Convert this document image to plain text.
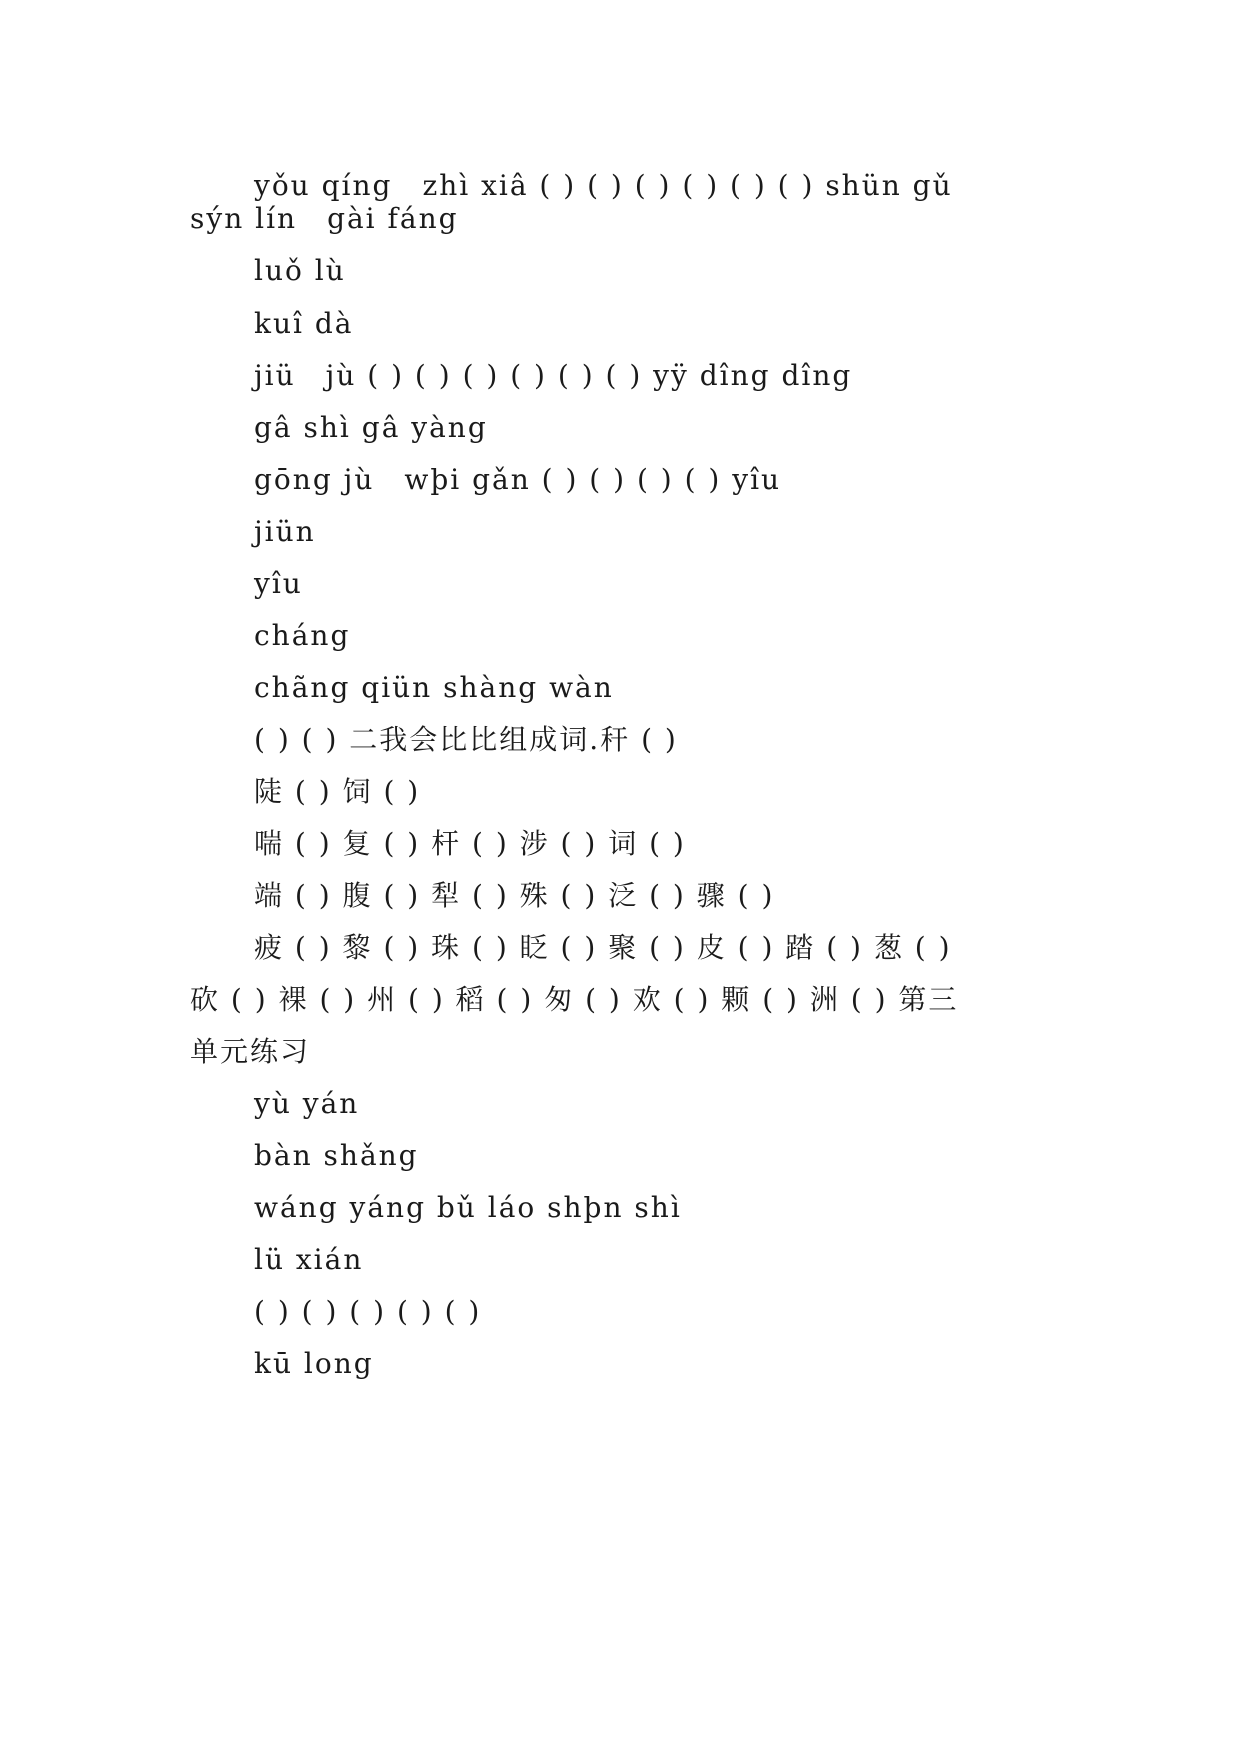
yǒu qíng　zhì xiâ ( ) ( ) ( ) ( ) ( ) ( ) shün gǔ
sýn lín　gài fáng
luǒ lù
kuî dà
jiü　jù ( ) ( ) ( ) ( ) ( ) ( ) yÿ dîng dîng
gâ shì gâ yàng
gōng jù　wþi gǎn ( ) ( ) ( ) ( ) yîu
jiün
yîu
cháng
chãng qiün shàng wàn
( ) ( ) 二我会比比组成词.秆 ( )
陡 ( ) 饲 ( )
喘 ( ) 复 ( ) 杆 ( ) 涉 ( ) 词 ( )
端 ( ) 腹 ( ) 犁 ( ) 殊 ( ) 泛 ( ) 骤 ( )
疲 ( ) 黎 ( ) 珠 ( ) 眨 ( ) 聚 ( ) 皮 ( ) 踏 ( ) 葱 ( )
砍 ( ) 裸 ( ) 州 ( ) 稻 ( ) 匆 ( ) 欢 ( ) 颗 ( ) 洲 ( ) 第三
单元练习
yù yán
bàn shǎng
wáng yáng bǔ láo shþn shì
lü xián
( ) ( ) ( ) ( ) ( )
kū long
